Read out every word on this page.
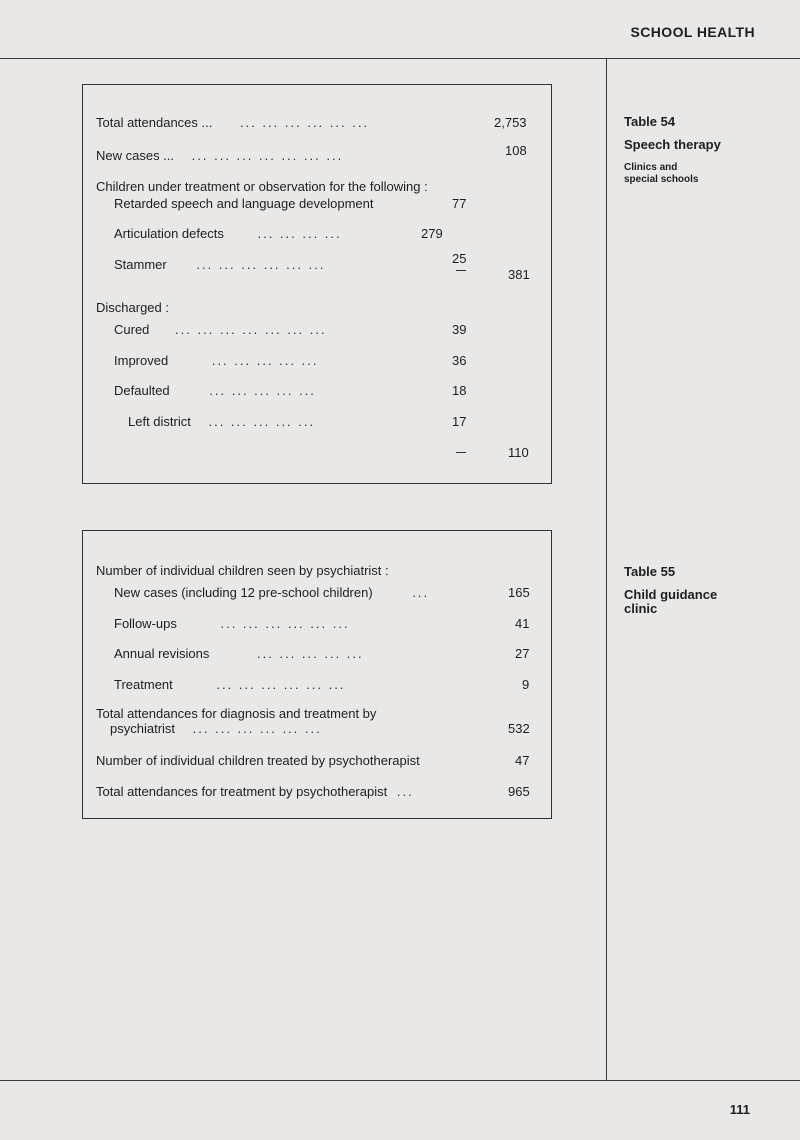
SCHOOL HEALTH
Total attendances ... ... ... ... ... ... ...	2,753
New cases ... ... ... ... ... ... ... ...	108
Children under treatment or observation for the following :
Retarded speech and language development	77
Articulation defects	... ... ... ...	279
Stammer ... ... ... ... ... ...	25
381
Discharged :
Cured ... ... ... ... ... ... ...	39
Improved	... ... ... ... ...	36
Defaulted	... ... ... ... ...	18
Left district ... ... ... ... ...	17
110
Table 54
Speech therapy
Clinics and
special schools
Number of individual children seen by psychiatrist :
New cases (including 12 pre-school children)	...	165
Follow-ups	... ... ... ... ... ...	41
Annual revisions	... ... ... ... ...	27
Treatment	... ... ... ... ... ...	9
Total attendances for diagnosis and treatment by
psychiatrist ... ... ... ... ... ...	532
Number of individual children treated by psychotherapist	47
Total attendances for treatment by psychotherapist ...	965
Table 55
Child guidance
clinic
111
